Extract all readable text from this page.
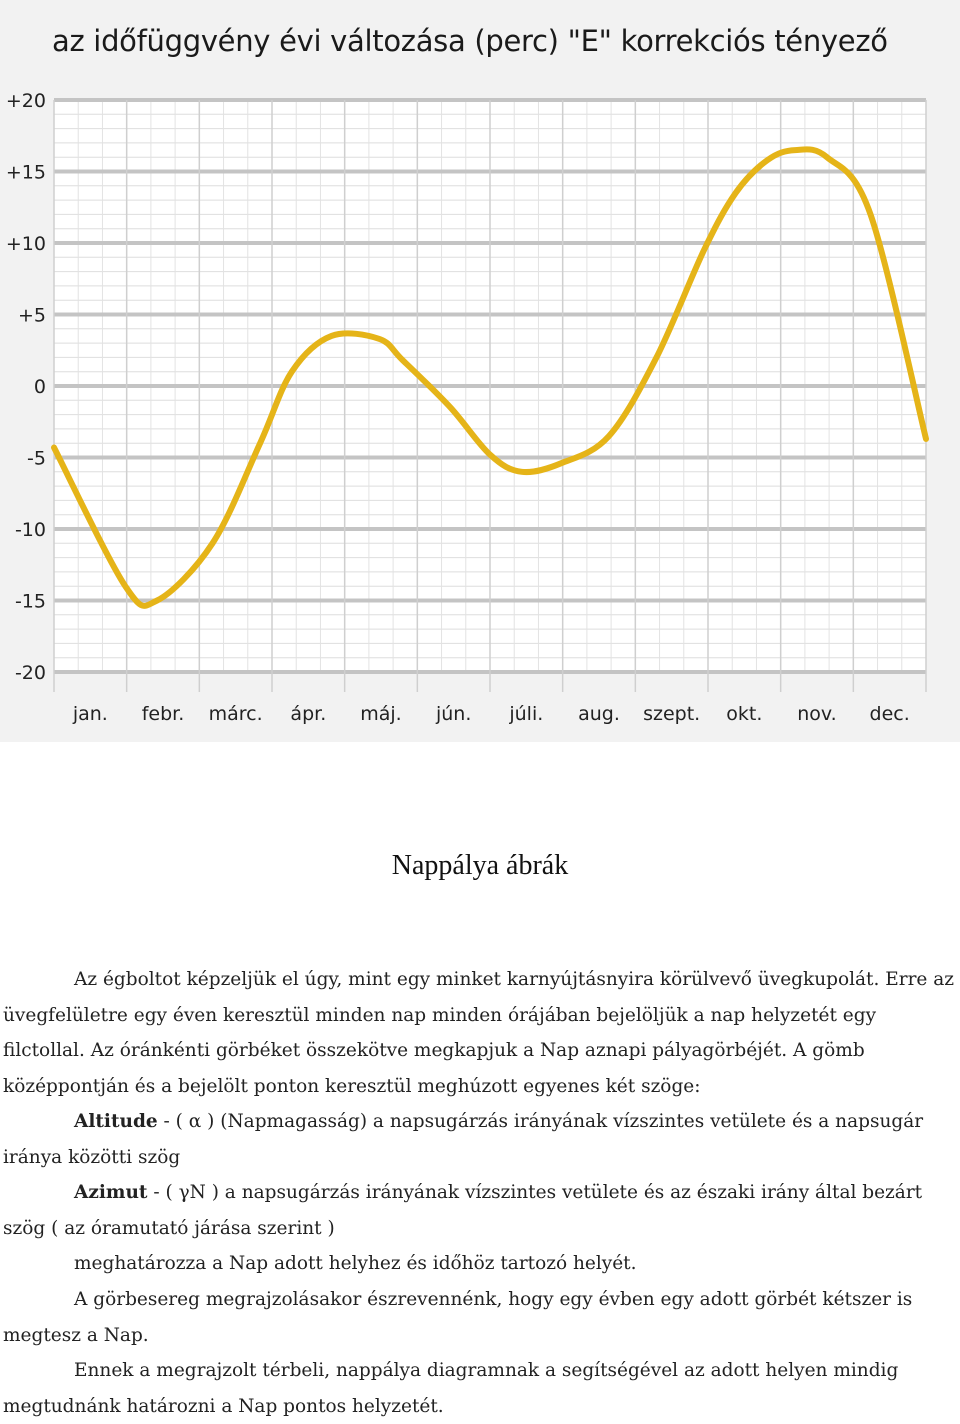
az időfüggvény évi változása (perc) "E" korrekciós tényező
+20
+15
+10
+5
0
-5
-10
-15
-20
jan. febr. márc. ápr. máj. jún. júli. aug. szept. okt. nov. dec.
Nappálya ábrák

Az égboltot képzeljük el úgy, mint egy minket karnyújtásnyira körülvevő üvegkupolát. Erre az üvegfelületre egy éven keresztül minden nap minden órájában bejelöljük a nap helyzetét egy filctollal. Az óránkénti görbéket összekötve megkapjuk a Nap aznapi pályagörbéjét. A gömb középpontján és a bejelölt ponton keresztül meghúzott egyenes két szöge:

Altitude - ( α ) (Napmagasság) a napsugárzás irányának vízszintes vetülete és a napsugár iránya közötti szög

Azimut - ( γN ) a napsugárzás irányának vízszintes vetülete és az északi irány által bezárt szög ( az óramutató járása szerint )

meghatározza a Nap adott helyhez és időhöz tartozó helyét.

A görbesereg megrajzolásakor észrevennénk, hogy egy évben egy adott görbét kétszer is megtesz a Nap.

Ennek a megrajzolt térbeli, nappálya diagramnak a segítségével az adott helyen mindig megtudnánk határozni a Nap pontos helyzetét.
